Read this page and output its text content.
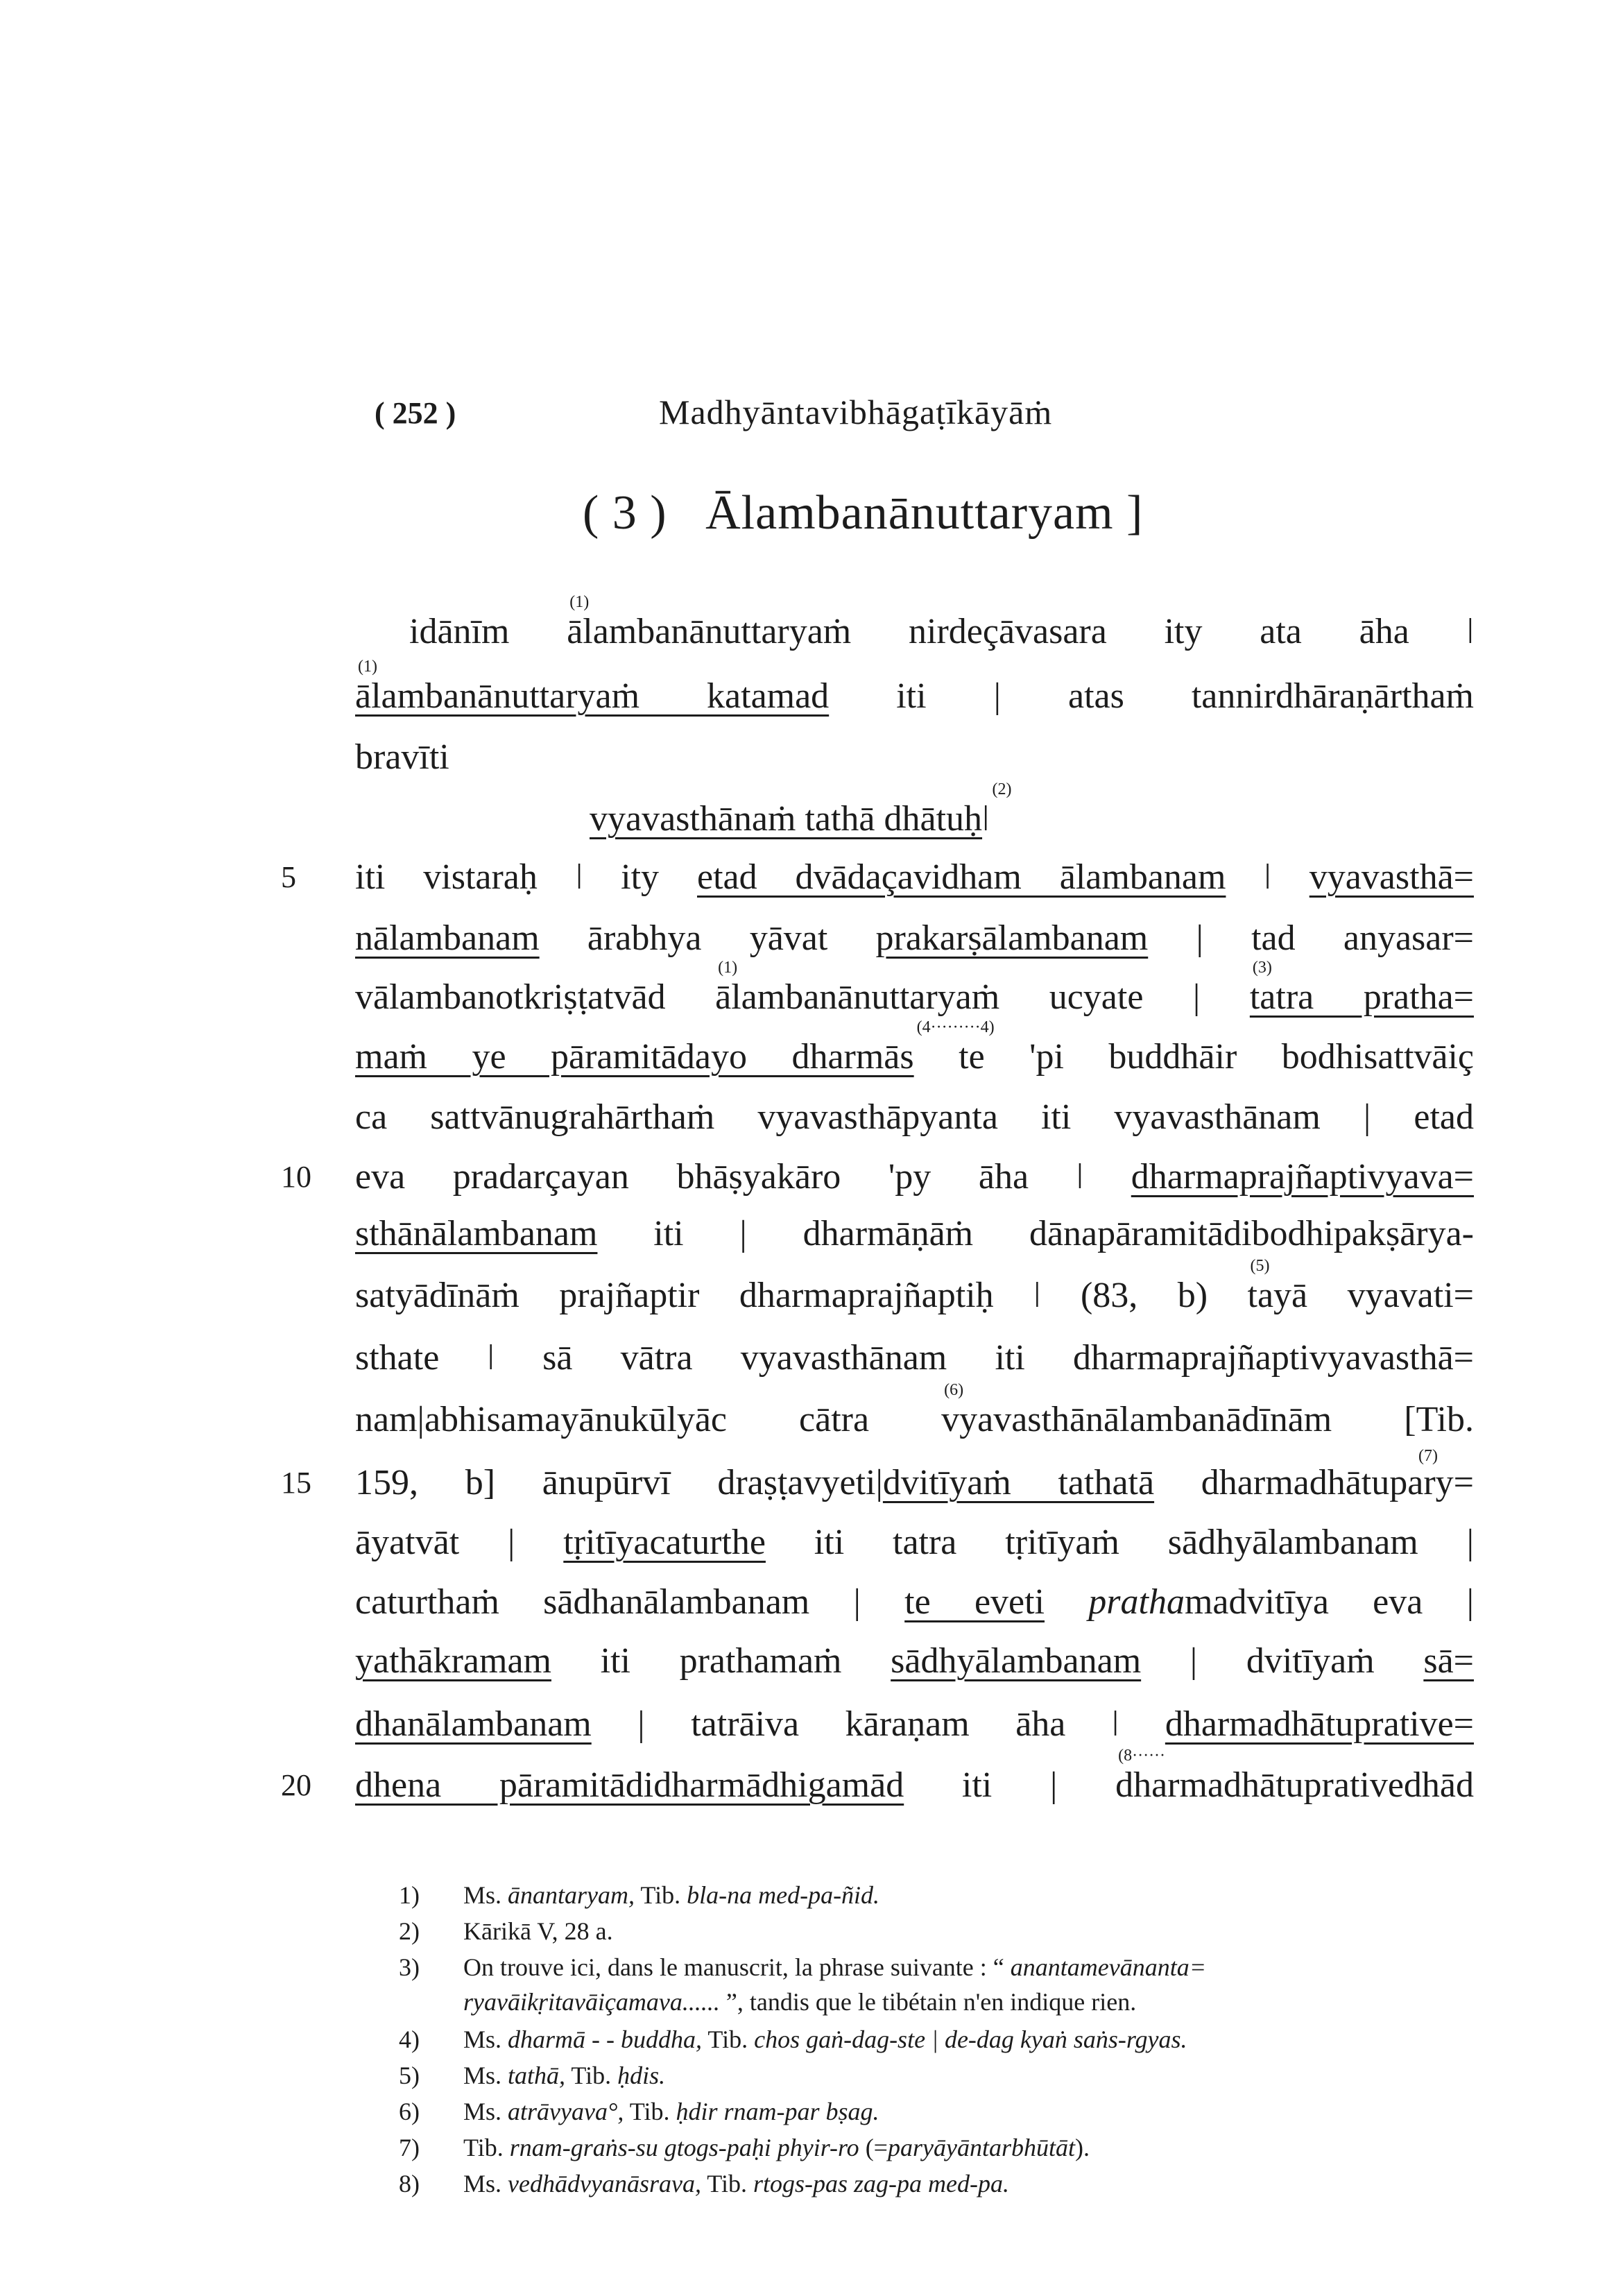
( 252 )	Madhyāntavibhāgaṭīkāyāṁ
( 3 )   Ālambanānuttaryam ]
idānīm
(1)
ālambanānuttaryaṁ nirdeçāvasara ity ata āha ǀ
(1)
ālambanānuttaryaṁ katamad iti | atas tannirdhāraṇārthaṁ
bravīti
vyavasthānaṁ tathā dhātuḥǀ
(2)
iti vistaraḥ ǀ ity etad dvādaçavidham ālambanam ǀ vyavasthā=
nālambanam ārabhya yāvat prakarṣālambanam | tad anyasar=
vālambanotkriṣṭatvād
(1)
ālambanānuttaryaṁ ucyate |
(3)
tatra pratha=
maṁ ye pāramitādayo dharmās
(4·········4)
te 'pi buddhāir bodhisattvāiç
ca sattvānugrahārthaṁ vyavasthāpyanta iti vyavasthānam | etad
eva pradarçayan bhāṣyakāro 'py āha ǀ dharmaprajñaptivyava=
sthānālambanam iti | dharmāṇāṁ dānapāramitādibodhipakṣārya-
satyādīnāṁ prajñaptir dharmaprajñaptiḥ ǀ (83, b)
(5)
tayā vyavati=
sthate ǀ sā vātra vyavasthānam iti dharmaprajñaptivyavasthā=
nam|abhisamayānukūlyāc cātra
(6)
vyavasthānālambanādīnām [Tib.
159, b] ānupūrvī draṣṭavyeti|dvitīyaṁ tathatā dharmadhātupary=
āyatvāt | tṛitīyacaturthe iti tatra tṛitīyaṁ sādhyālambanam |
caturthaṁ sādhanālambanam | te eveti prathamadvitīya eva |
yathākramam iti prathamaṁ sādhyālambanam | dvitīyaṁ sā=
dhanālambanam | tatrāiva kāraṇam āha ǀ dharmadhātuprative=
dhena pāramitādidharmādhigamād iti |
(8······
dharmadhātuprativedhād
5
10
15
20
(7)
1) Ms. ānantaryam, Tib. bla-na med-pa-ñid.
2) Kārikā V, 28 a.
3) On trouve ici, dans le manuscrit, la phrase suivante : “ anantamevānanta=
ryavāikṛitavāiçamava...... ”, tandis que le tibétain n'en indique rien.
4) Ms. dharmā - - buddha, Tib. chos gaṅ-dag-ste | de-dag kyaṅ saṅs-rgyas.
5) Ms. tathā, Tib. ḥdis.
6) Ms. atrāvyava°, Tib. ḥdir rnam-par bṣag.
7) Tib. rnam-graṅs-su gtogs-paḥi phyir-ro (=paryāyāntarbhūtāt).
8) Ms. vedhādvyanāsrava, Tib. rtogs-pas zag-pa med-pa.
